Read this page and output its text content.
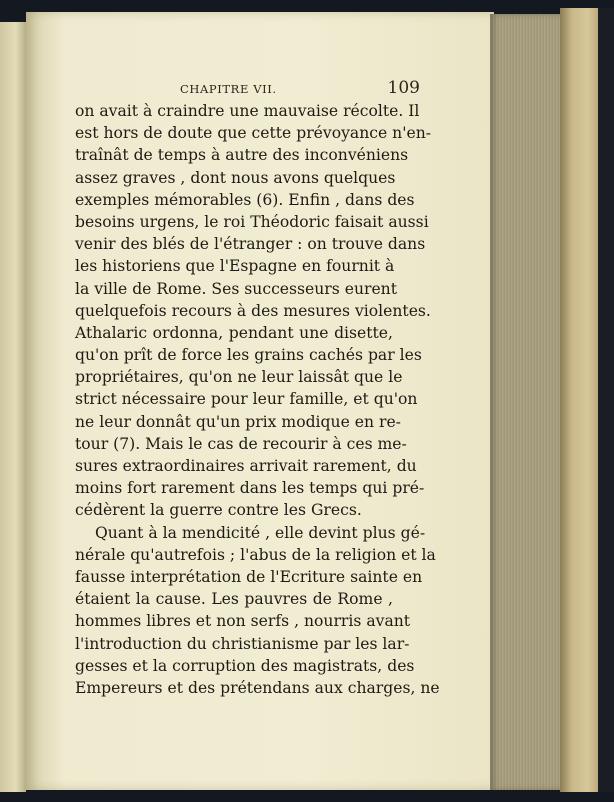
CHAPITRE VII.	109
on avait à craindre une mauvaise récolte. Il
est hors de doute que cette prévoyance n'en-
traînât de temps à autre des inconvéniens
assez graves , dont nous avons quelques
exemples mémorables (6). Enfin , dans des
besoins urgens, le roi Théodoric faisait aussi
venir des blés de l'étranger : on trouve dans
les historiens que l'Espagne en fournit à
la ville de Rome. Ses successeurs eurent
quelquefois recours à des mesures violentes.
Athalaric ordonna, pendant une disette,
qu'on prît de force les grains cachés par les
propriétaires, qu'on ne leur laissât que le
strict nécessaire pour leur famille, et qu'on
ne leur donnât qu'un prix modique en re-
tour (7). Mais le cas de recourir à ces me-
sures extraordinaires arrivait rarement, du
moins fort rarement dans les temps qui pré-
cédèrent la guerre contre les Grecs.
Quant à la mendicité , elle devint plus gé-
nérale qu'autrefois ; l'abus de la religion et la
fausse interprétation de l'Ecriture sainte en
étaient la cause. Les pauvres de Rome ,
hommes libres et non serfs , nourris avant
l'introduction du christianisme par les lar-
gesses et la corruption des magistrats, des
Empereurs et des prétendans aux charges, ne
